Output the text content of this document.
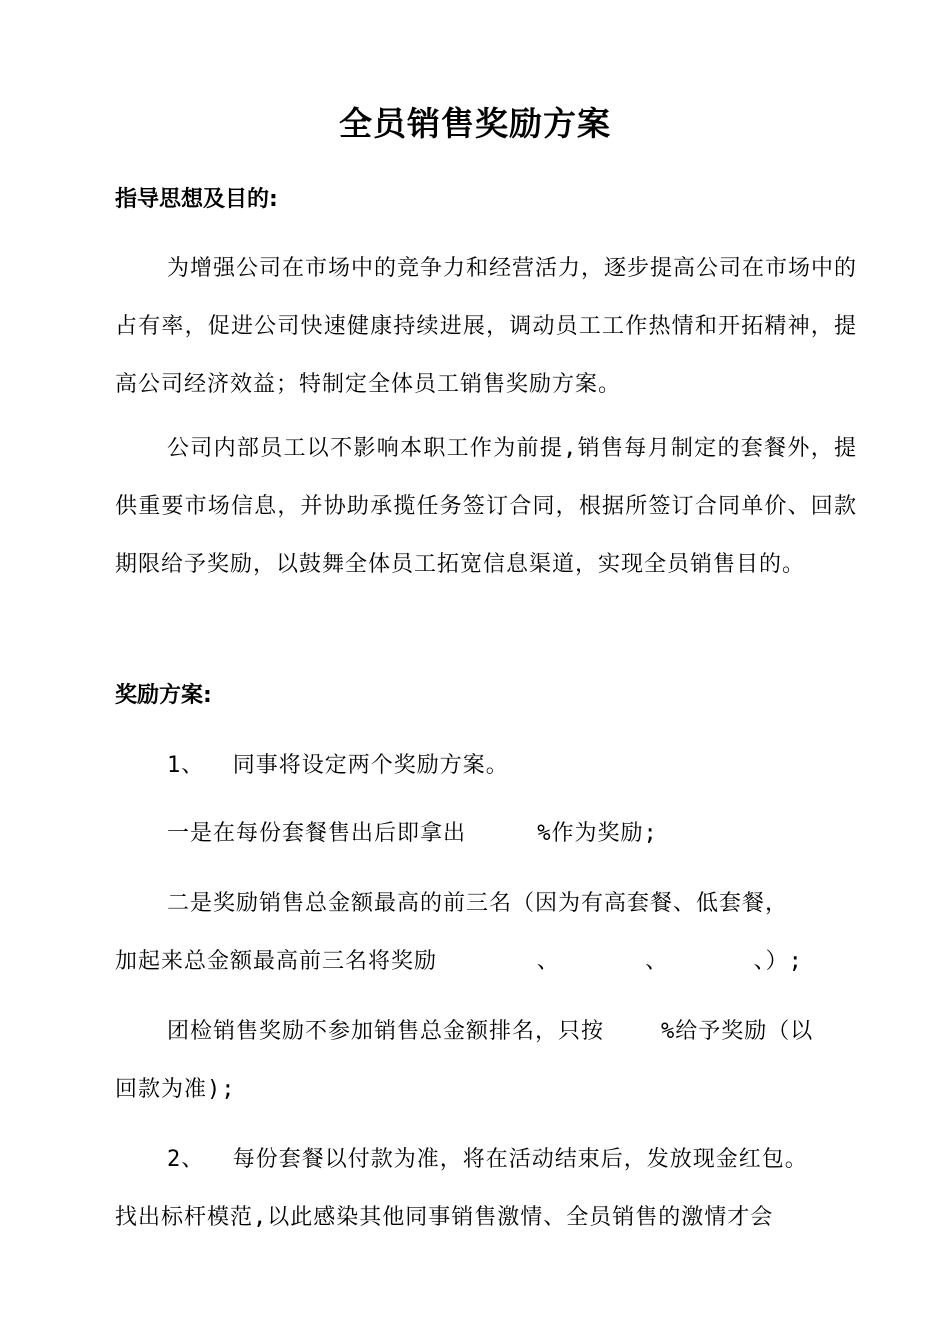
全员销售奖励方案
指导思想及目的:
为增强公司在市场中的竞争力和经营活力，逐步提高公司在市场中的占有率，促进公司快速健康持续进展，调动员工工作热情和开拓精神，提高公司经济效益；特制定全体员工销售奖励方案。
公司内部员工以不影响本职工作为前提,销售每月制定的套餐外，提供重要市场信息，并协助承揽任务签订合同，根据所签订合同单价、回款期限给予奖励，以鼓舞全体员工拓宽信息渠道，实现全员销售目的。
奖励方案:
1、  同事将设定两个奖励方案。
一是在每份套餐售出后即拿出     %作为奖励;
二是奖励销售总金额最高的前三名（因为有高套餐、低套餐，
加起来总金额最高前三名将奖励       、      、      、）;
团检销售奖励不参加销售总金额排名，只按    %给予奖励（以
回款为准);
2、  每份套餐以付款为准，将在活动结束后，发放现金红包。
找出标杆模范,以此感染其他同事销售激情、全员销售的激情才会
